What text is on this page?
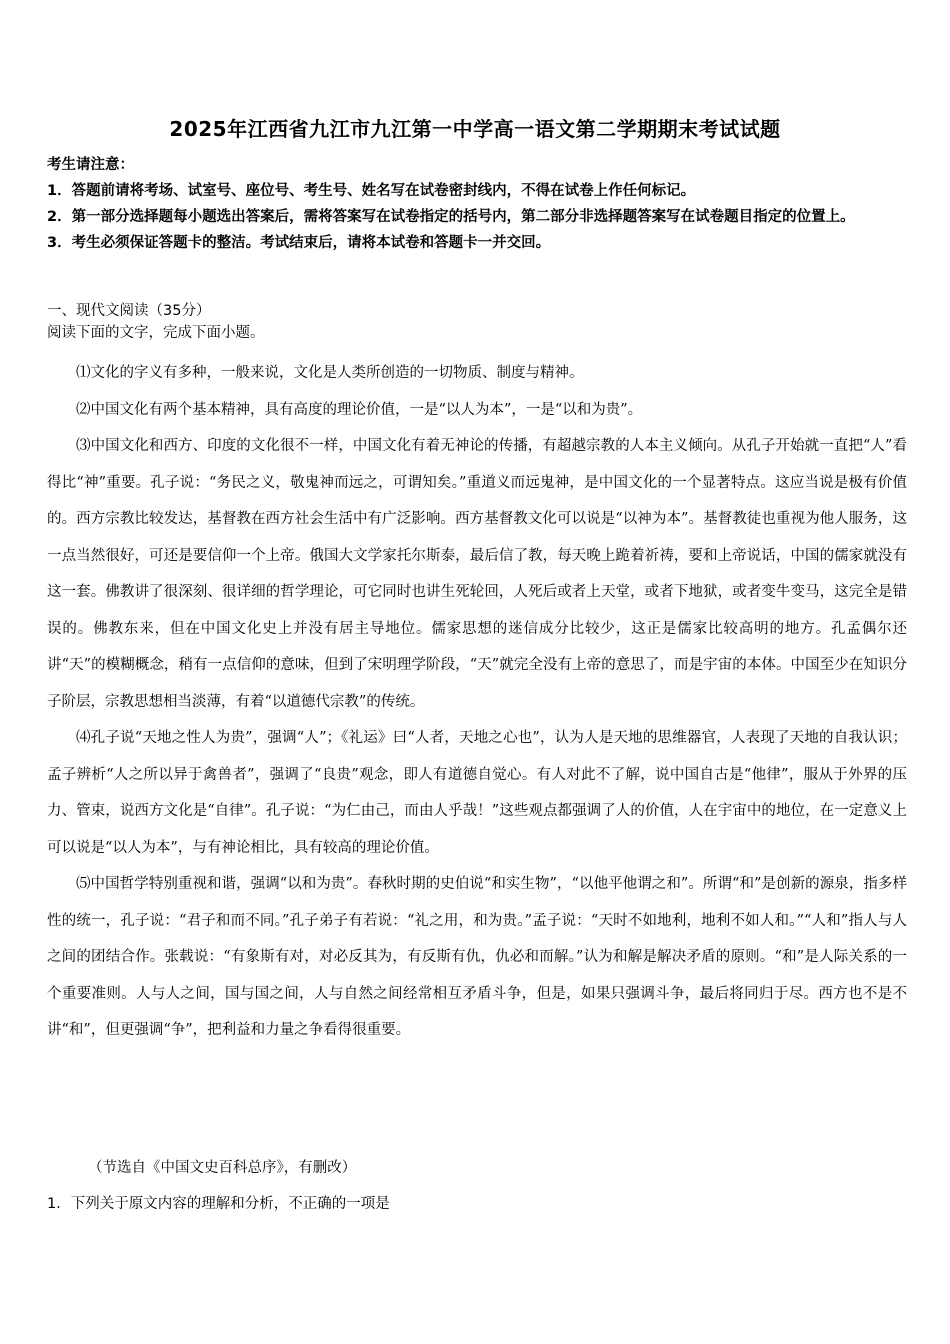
2025年江西省九江市九江第一中学高一语文第二学期期末考试试题
考生请注意：
1．答题前请将考场、试室号、座位号、考生号、姓名写在试卷密封线内，不得在试卷上作任何标记。
2．第一部分选择题每小题选出答案后，需将答案写在试卷指定的括号内，第二部分非选择题答案写在试卷题目指定的位置上。
3．考生必须保证答题卡的整洁。考试结束后，请将本试卷和答题卡一并交回。
一、现代文阅读（35分）
阅读下面的文字，完成下面小题。

⑴文化的字义有多种，一般来说，文化是人类所创造的一切物质、制度与精神。

⑵中国文化有两个基本精神，具有高度的理论价值，一是“以人为本”，一是“以和为贵”。

⑶中国文化和西方、印度的文化很不一样，中国文化有着无神论的传播，有超越宗教的人本主义倾向。从孔子开始就一直把“人”看得比“神”重要。孔子说：“务民之义，敬鬼神而远之，可谓知矣。”重道义而远鬼神，是中国文化的一个显著特点。这应当说是极有价值的。西方宗教比较发达，基督教在西方社会生活中有广泛影响。西方基督教文化可以说是“以神为本”。基督教徒也重视为他人服务，这一点当然很好，可还是要信仰一个上帝。俄国大文学家托尔斯泰，最后信了教，每天晚上跪着祈祷，要和上帝说话，中国的儒家就没有这一套。佛教讲了很深刻、很详细的哲学理论，可它同时也讲生死轮回，人死后或者上天堂，或者下地狱，或者变牛变马，这完全是错误的。佛教东来，但在中国文化史上并没有居主导地位。儒家思想的迷信成分比较少，这正是儒家比较高明的地方。孔孟偶尔还讲“天”的模糊概念，稍有一点信仰的意味，但到了宋明理学阶段，“天”就完全没有上帝的意思了，而是宇宙的本体。中国至少在知识分子阶层，宗教思想相当淡薄，有着“以道德代宗教”的传统。

⑷孔子说“天地之性人为贵”，强调“人”；《礼运》曰“人者，天地之心也”，认为人是天地的思维器官，人表现了天地的自我认识；孟子辨析“人之所以异于禽兽者”，强调了“良贵”观念，即人有道德自觉心。有人对此不了解，说中国自古是“他律”，服从于外界的压力、管束，说西方文化是“自律”。孔子说：“为仁由己，而由人乎哉！”这些观点都强调了人的价值，人在宇宙中的地位，在一定意义上可以说是“以人为本”，与有神论相比，具有较高的理论价值。

⑸中国哲学特别重视和谐，强调“以和为贵”。春秋时期的史伯说“和实生物”，“以他平他谓之和”。所谓“和”是创新的源泉，指多样性的统一，孔子说：“君子和而不同。”孔子弟子有若说：“礼之用，和为贵。”孟子说：“天时不如地利，地利不如人和。”“人和”指人与人之间的团结合作。张载说：“有象斯有对，对必反其为，有反斯有仇，仇必和而解。”认为和解是解决矛盾的原则。“和”是人际关系的一个重要准则。人与人之间，国与国之间，人与自然之间经常相互矛盾斗争，但是，如果只强调斗争，最后将同归于尽。西方也不是不讲“和”，但更强调“争”，把利益和力量之争看得很重要。

（节选自《中国文史百科总序》，有删改）
1．下列关于原文内容的理解和分析，不正确的一项是
